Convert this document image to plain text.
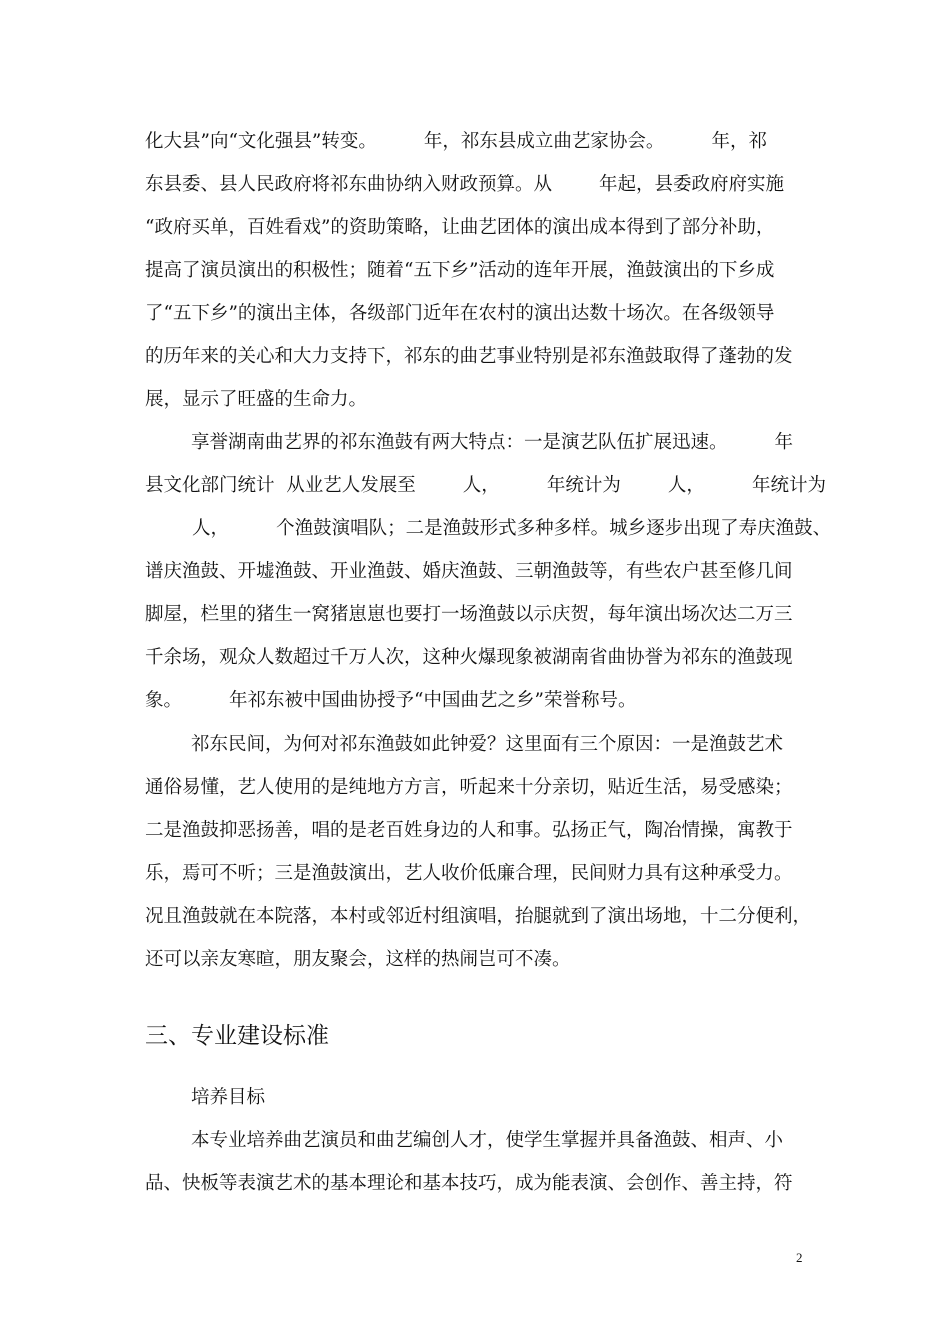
化大县”向“文化强县”转变。        年，祁东县成立曲艺家协会。        年，祁
东县委、县人民政府将祁东曲协纳入财政预算。从        年起，县委政府府实施
“政府买单，百姓看戏”的资助策略，让曲艺团体的演出成本得到了部分补助，
提高了演员演出的积极性；随着“五下乡”活动的连年开展，渔鼓演出的下乡成
了“五下乡”的演出主体，各级部门近年在农村的演出达数十场次。在各级领导
的历年来的关心和大力支持下，祁东的曲艺事业特别是祁东渔鼓取得了蓬勃的发
展，显示了旺盛的生命力。
享誉湖南曲艺界的祁东渔鼓有两大特点：一是演艺队伍扩展迅速。        年
县文化部门统计  从业艺人发展至        人，        年统计为        人，        年统计为
人，        个渔鼓演唱队；二是渔鼓形式多种多样。城乡逐步出现了寿庆渔鼓、
谱庆渔鼓、开墟渔鼓、开业渔鼓、婚庆渔鼓、三朝渔鼓等，有些农户甚至修几间
脚屋，栏里的猪生一窝猪崽崽也要打一场渔鼓以示庆贺，每年演出场次达二万三
千余场，观众人数超过千万人次，这种火爆现象被湖南省曲协誉为祁东的渔鼓现
象。        年祁东被中国曲协授予“中国曲艺之乡”荣誉称号。
祁东民间，为何对祁东渔鼓如此钟爱？这里面有三个原因：一是渔鼓艺术
通俗易懂，艺人使用的是纯地方方言，听起来十分亲切，贴近生活，易受感染；
二是渔鼓抑恶扬善，唱的是老百姓身边的人和事。弘扬正气，陶冶情操，寓教于
乐，焉可不听；三是渔鼓演出，艺人收价低廉合理，民间财力具有这种承受力。
况且渔鼓就在本院落，本村或邻近村组演唱，抬腿就到了演出场地，十二分便利，
还可以亲友寒暄，朋友聚会，这样的热闹岂可不凑。
三、专业建设标准
培养目标
本专业培养曲艺演员和曲艺编创人才，使学生掌握并具备渔鼓、相声、小
品、快板等表演艺术的基本理论和基本技巧，成为能表演、会创作、善主持，符
2
